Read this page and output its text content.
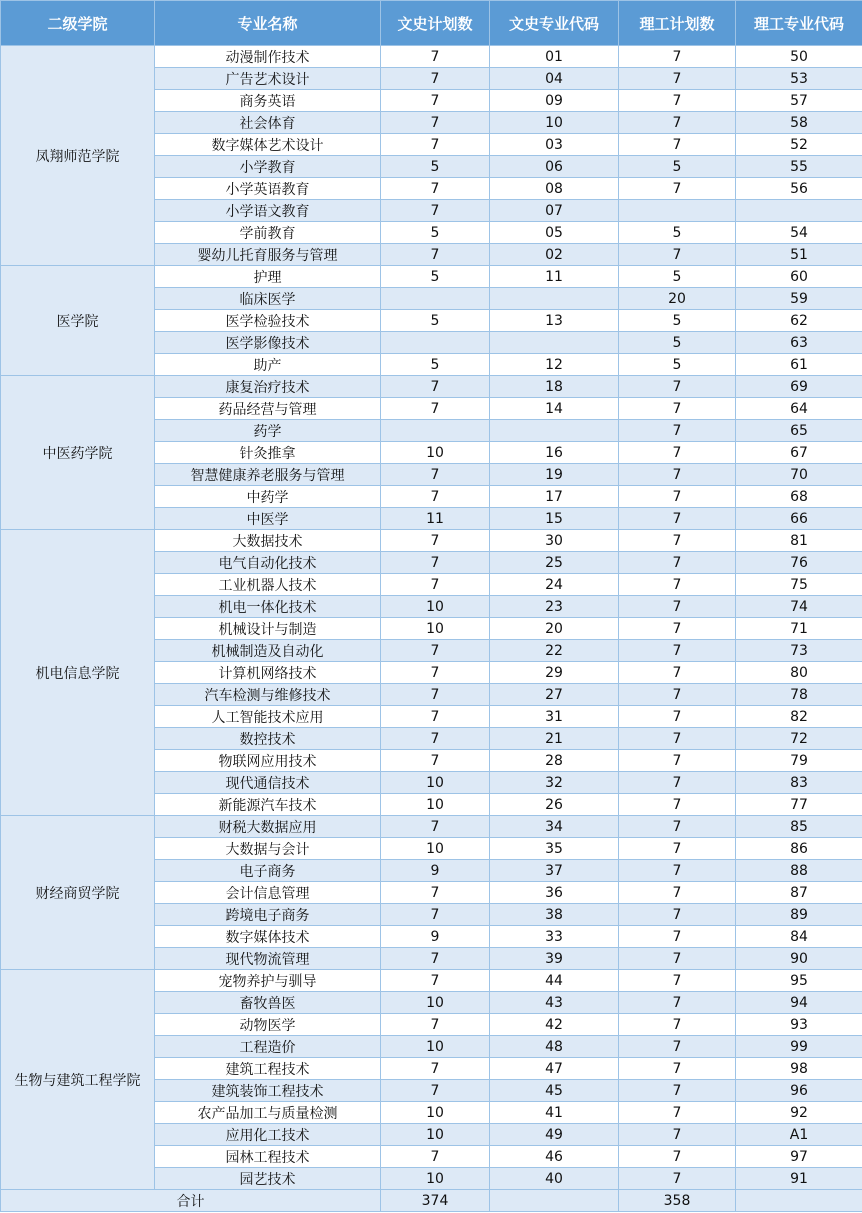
二级学院	专业名称	文史计划数	文史专业代码	理工计划数	理工专业代码
凤翔师范学院	动漫制作技术	7	01	7	50
	广告艺术设计	7	04	7	53
	商务英语	7	09	7	57
	社会体育	7	10	7	58
	数字媒体艺术设计	7	03	7	52
	小学教育	5	06	5	55
	小学英语教育	7	08	7	56
	小学语文教育	7	07		
	学前教育	5	05	5	54
	婴幼儿托育服务与管理	7	02	7	51
医学院	护理	5	11	5	60
	临床医学			20	59
	医学检验技术	5	13	5	62
	医学影像技术			5	63
	助产	5	12	5	61
中医药学院	康复治疗技术	7	18	7	69
	药品经营与管理	7	14	7	64
	药学			7	65
	针灸推拿	10	16	7	67
	智慧健康养老服务与管理	7	19	7	70
	中药学	7	17	7	68
	中医学	11	15	7	66
机电信息学院	大数据技术	7	30	7	81
	电气自动化技术	7	25	7	76
	工业机器人技术	7	24	7	75
	机电一体化技术	10	23	7	74
	机械设计与制造	10	20	7	71
	机械制造及自动化	7	22	7	73
	计算机网络技术	7	29	7	80
	汽车检测与维修技术	7	27	7	78
	人工智能技术应用	7	31	7	82
	数控技术	7	21	7	72
	物联网应用技术	7	28	7	79
	现代通信技术	10	32	7	83
	新能源汽车技术	10	26	7	77
财经商贸学院	财税大数据应用	7	34	7	85
	大数据与会计	10	35	7	86
	电子商务	9	37	7	88
	会计信息管理	7	36	7	87
	跨境电子商务	7	38	7	89
	数字媒体技术	9	33	7	84
	现代物流管理	7	39	7	90
生物与建筑工程学院	宠物养护与驯导	7	44	7	95
	畜牧兽医	10	43	7	94
	动物医学	7	42	7	93
	工程造价	10	48	7	99
	建筑工程技术	7	47	7	98
	建筑装饰工程技术	7	45	7	96
	农产品加工与质量检测	10	41	7	92
	应用化工技术	10	49	7	A1
	园林工程技术	7	46	7	97
	园艺技术	10	40	7	91
合计		374		358	
